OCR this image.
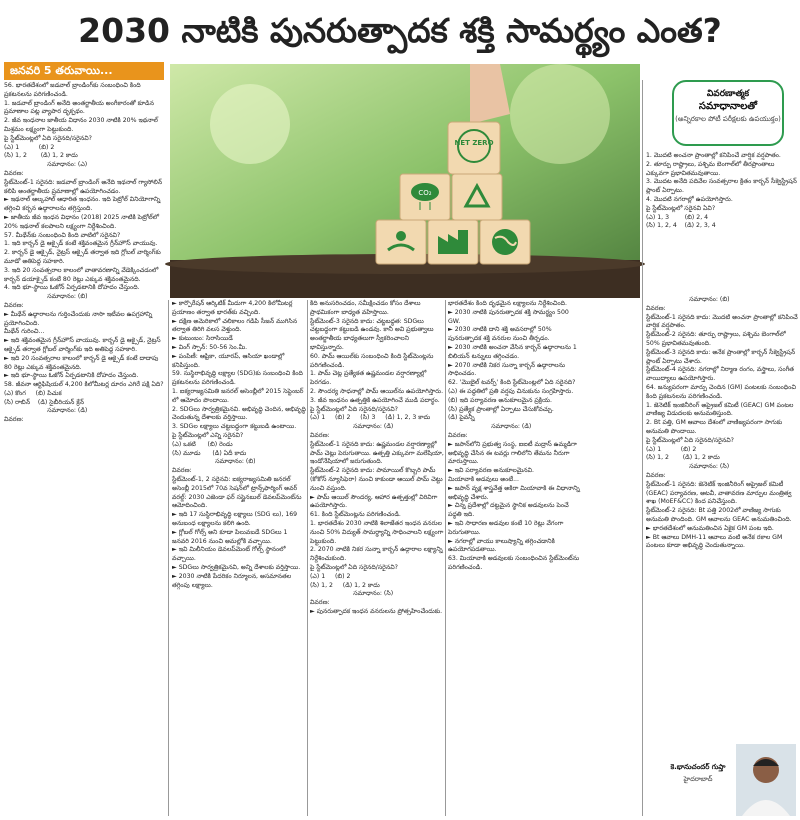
2030 నాటికి పునరుత్పాదక శక్తి సామర్థ్యం ఎంత?
జనవరి 5 తరువాయి...
NET ZERO
CO₂
వివరణాత్మక
సమాధానాలతో
(అన్నిరకాల పోటీ పరీక్షలకు ఉపయుక్తం)
56. భారతదేశంలో జడవాల్ బ్రాండింగ్‌కు సంబంధించి కింది ప్రకటనలను పరిగణించండి.
1. జడవాల్ బ్రాండింగ్ అనేది అంతర్జాతీయ అంగీకారంతో కూడిన ప్రమాణాల పట్ల వ్యాపార దృక్పథం.
2. జీవ ఇంధనాల జాతీయ విధానం 2030 నాటికి 20% ఇథనాల్ మిశ్రమం లక్ష్యంగా పెట్టుకుంది.
పై స్టేట్‌మెంట్లలో ఏది సరైనది/సరైనవి?
(ఎ) 1          (బి) 2
(సి) 1, 2       (డి) 1, 2 కాదు
సమాధానం: (ఎ)
వివరణ:
స్టేట్‌మెంట్-1 సరైనది: జడవాల్ బ్రాండింగ్ అనేది ఇథనాల్ గ్యాసోలిన్ కలిపి అంతర్జాతీయ ప్రమాణాల్లో ఉపయోగించడం.
► ఇథనాల్ ఆల్కహాల్ ఆధారిత ఇంధనం. ఇది పెట్రోల్ వినియోగాన్ని తగ్గించి కర్బన ఉద్గారాలను తగ్గిస్తుంది.
► జాతీయ జీవ ఇంధన విధానం (2018) 2025 నాటికి పెట్రోల్‌లో 20% ఇథనాల్ కలపాలని లక్ష్యంగా నిర్దేశించింది.
57. మీథేన్‌కు సంబంధించి కింది వాటిలో సరైనవి?
1. ఇది కార్బన్ డై ఆక్సైడ్ కంటే శక్తివంతమైన గ్రీన్‌హౌస్ వాయువు.
2. కార్బన్ డై ఆక్సైడ్, నైట్రస్ ఆక్సైడ్ తర్వాత ఇది గ్లోబల్ వార్మింగ్‌కు మూడో అతిపెద్ద సహకారి.
3. ఇది 20 సంవత్సరాల కాలంలో వాతావరణాన్ని వేడెక్కించడంలో కార్బన్ డయాక్సైడ్ కంటే 80 రెట్లు ఎక్కువ శక్తివంతమైనది.
4. ఇది భూ-స్థాయి ఓజోన్ ఏర్పడటానికి దోహదం చేస్తుంది.
సమాధానం: (బి)
వివరణ:
► మీథేన్ ఉద్గారాలను గుర్తించేందుకు నాసా ఇటీవల ఉపగ్రహాన్ని ప్రయోగించింది.
మీథేన్ గురించి...
► ఇది శక్తివంతమైన గ్రీన్‌హౌస్ వాయువు. కార్బన్ డై ఆక్సైడ్, నైట్రస్ ఆక్సైడ్ తర్వాత గ్లోబల్ వార్మింగ్‌కు ఇది అతిపెద్ద సహకారి.
► ఇది 20 సంవత్సరాల కాలంలో కార్బన్ డై ఆక్సైడ్ కంటే దాదాపు 80 రెట్లు ఎక్కువ శక్తివంతమైనది.
► ఇది భూ-స్థాయి ఓజోన్ ఏర్పడటానికి దోహదం చేస్తుంది.
58. జీవనా ఆర్టిఫిషియల్ 4,200 కిలోమీటర్ల దూరం ఎగిరే పక్షి ఏది?
(ఎ) కొంగ     (బి) పిచుక
(సి) రాబిన్    (డి) సైబీరియన్ క్రేన్
సమాధానం: (డి)
వివరణ:
► కార్పొరేషన్ ఆర్కిటిక్ మీదుగా 4,200 కిలోమీటర్ల ప్రయాణం తర్వాత భారత్‌కు వచ్చింది.
► దక్షిణ అమెరికాలో చలికాలం గడిపి సీజన్ ముగిసిన తర్వాత తిరిగి వలస వెళ్తుంది.
► కుటుంబం: సిరాసియిడే
► వింగ్ స్పాన్: 50-56 సెం.మీ.
► పంపిణీ: ఆఫ్రికా, యూరప్, ఆసియా ఖండాల్లో కనిపిస్తుంది.
59. సుస్థిరాభివృద్ధి లక్ష్యాల (SDG)కు సంబంధించి కింది ప్రకటనలను పరిగణించండి.
1. ఐక్యరాజ్యసమితి జనరల్ అసెంబ్లీలో 2015 సెప్టెంబర్ లో ఆమోదం పొందాయి.
2. SDGలు సార్వత్రికమైనవి. అభివృద్ధి చెందిన, అభివృద్ధి చెందుతున్న దేశాలకు వర్తిస్తాయి.
3. SDGల లక్ష్యాలు చట్టబద్ధంగా కట్టుబడి ఉంటాయి.
పై స్టేట్‌మెంట్లలో ఎన్ని సరైనవి?
(ఎ) ఒకటి      (బి) రెండు
(సి) మూడు      (డి) ఏదీ కాదు
సమాధానం: (బి)
వివరణ:
స్టేట్‌మెంట్-1, 2 సరైనవి: ఐక్యరాజ్యసమితి జనరల్ అసెంబ్లీ 2015లో 70వ సెషన్‌లో ట్రాన్స్‌ఫార్మింగ్ అవర్ వరల్డ్: 2030 ఎజెండా ఫర్ సస్టైనబుల్ డెవలప్‌మెంట్‌ను ఆమోదించింది.
► ఇది 17 సుస్థిరాభివృద్ధి లక్ష్యాలు (SDG లు), 169 అనుబంధ లక్ష్యాలను కలిగి ఉంది.
► గ్లోబల్ గోల్స్ అని కూడా పిలువబడే SDGలు 1 జనవరి 2016 నుంచి అమల్లోకి వచ్చాయి.
► ఇవి మిలీనియం డెవలప్‌మెంట్ గోల్స్ స్థానంలో వచ్చాయి.
► SDGలు సార్వత్రికమైనవి, అన్ని దేశాలకు వర్తిస్తాయి.
► 2030 నాటికి పేదరికం నిర్మూలన, అసమానతల తగ్గింపు లక్ష్యాలు.
కిది అనుసరించడం, సమీక్షించడం కోసం దేశాలు ప్రాథమికంగా బాధ్యత వహిస్తాయి.
స్టేట్‌మెంట్-3 సరైనది కాదు: చట్టబద్ధత: SDGలు చట్టబద్ధంగా కట్టుబడి ఉండవు. కానీ అవి ప్రభుత్వాలు అంతర్జాతీయ బాధ్యతలుగా స్వీకరించాలని భావిస్తున్నారు.
60. పామ్ ఆయిల్‌కు సంబంధించి కింది స్టేట్‌మెంట్లను పరిగణించండి.
1. పామ్ చెట్ల ప్రత్యేకత ఉష్ణమండల వర్షారణ్యాల్లో పెరగడం.
2. సౌందర్య సాధనాల్లో పామ్ ఆయిల్‌ను ఉపయోగిస్తారు.
3. జీవ ఇంధనం ఉత్పత్తికి ఉపయోగించే ముడి పదార్థం.
పై స్టేట్‌మెంట్లలో ఏది సరైనది/సరైనవి?
(ఎ) 1     (బి) 2     (సి) 3     (డి) 1, 2, 3 కాదు
సమాధానం: (డి)
వివరణ:
స్టేట్‌మెంట్-1 సరైనది కాదు: ఉష్ణమండల వర్షారణ్యాల్లో పామ్ చెట్లు పెరుగుతాయి. ఉత్పత్తి ఎక్కువగా మలేషియా, ఇండోనేషియాలో జరుగుతుంది.
స్టేట్‌మెంట్-2 సరైనది కాదు: పామాయిల్ కొబ్బరి పామ్ (కోకోస్ న్యూసిఫెరా) నుంచి కాకుండా ఆయిల్ పామ్ చెట్టు నుంచి వస్తుంది.
► పామ్ ఆయిల్ సౌందర్య, ఆహార ఉత్పత్తుల్లో విరివిగా ఉపయోగిస్తారు.
61. కింది స్టేట్‌మెంట్లను పరిగణించండి.
1. భారతదేశం 2030 నాటికి శిలాజేతర ఇంధన వనరుల నుంచి 50% విద్యుత్ సామర్థ్యాన్ని సాధించాలని లక్ష్యంగా పెట్టుకుంది.
2. 2070 నాటికి నికర సున్నా కార్బన్ ఉద్గారాల లక్ష్యాన్ని నిర్దేశించుకుంది.
పై స్టేట్‌మెంట్లలో ఏది సరైనది/సరైనవి?
(ఎ) 1     (బి) 2
(సి) 1, 2     (డి) 1, 2 కాదు
సమాధానం: (సి)
వివరణ:
► పునరుత్పాదక ఇంధన వనరులను ప్రోత్సహించేందుకు.
భారతదేశం కింది దృఢమైన లక్ష్యాలను నిర్దేశించింది.
► 2030 నాటికి పునరుత్పాదక శక్తి సామర్థ్యం 500 GW.
► 2030 నాటికి దాని శక్తి అవసరాల్లో 50% పునరుత్పాదక శక్తి వనరుల నుంచి తీర్చడం.
► 2030 నాటికి అంచనా వేసిన కార్బన్ ఉద్గారాలను 1 బిలియన్ టన్నులు తగ్గించడం.
► 2070 నాటికి నికర సున్నా కార్బన్ ఉద్గారాలను సాధించడం.
62. 'మొబైల్ టవర్స్' కింది స్టేట్‌మెంట్లలో ఏది సరైనది?
(ఎ) ఈ పద్ధతిలో ప్రతి వర్షపు చినుకును సంగ్రహిస్తారు.
(బి) ఇది పర్యావరణ అనుకూలమైన ప్రక్రియ.
(సి) ప్రత్యేక ప్రాంతాల్లో ఏర్పాటు చేసుకోవచ్చు.
(డి) పైవన్నీ
సమాధానం: (డి)
వివరణ:
► జపాన్‌లోని ప్రభుత్వ సంస్థ, ఐఐటీ మద్రాస్ ఉమ్మడిగా అభివృద్ధి చేసిన ఈ టవర్లు గాలిలోని తేమను నీరుగా మారుస్తాయి.
► ఇవి పర్యావరణ అనుకూలమైనవి.
మియావాకి అడవులు అంటే...
► జపాన్ వృక్ష శాస్త్రవేత్త అకిరా మియావాకి ఈ విధానాన్ని అభివృద్ధి చేశారు.
► చిన్న ప్రదేశాల్లో దట్టమైన స్థానిక అడవులను పెంచే పద్ధతి ఇది.
► ఇవి సాధారణ అడవుల కంటే 10 రెట్లు వేగంగా పెరుగుతాయి.
► నగరాల్లో వాయు కాలుష్యాన్ని తగ్గించడానికి ఉపయోగపడతాయి.
63. మియావాకి అడవులకు సంబంధించిన స్టేట్‌మెంట్‌ను పరిగణించండి.
1. మొదటి అంచనా ప్రాంతాల్లో కనిపించే వార్షిక వర్షపాతం.
2. తూర్పు రాష్ట్రాలు, పశ్చిమ బెంగాల్‌లో తీరప్రాంతాలు ఎక్కువగా ప్రభావితమవుతాయి.
3. మొదట అనేది పదివేల సంవత్సరాల క్రితం కార్బన్ సీక్వెస్ట్రేషన్ ప్లాంట్ ఏర్పాటు.
4. మొదటి నగరాల్లో ఉపయోగిస్తారు.
పై స్టేట్‌మెంట్లలో సరైనవి ఏవి?
(ఎ) 1, 3        (బి) 2, 4
(సి) 1, 2, 4    (డి) 2, 3, 4
సమాధానం: (బి)
వివరణ:
స్టేట్‌మెంట్-1 సరైనది కాదు: మొదటి అంచనా ప్రాంతాల్లో కనిపించే వార్షిక వర్షపాతం.
స్టేట్‌మెంట్-2 సరైనది: తూర్పు రాష్ట్రాలు, పశ్చిమ బెంగాల్‌లో 50% ప్రభావితమవుతుంది.
స్టేట్‌మెంట్-3 సరైనది కాదు: అనేక ప్రాంతాల్లో కార్బన్ సీక్వెస్ట్రేషన్ ప్లాంట్ ఏర్పాటు చేశారు.
స్టేట్‌మెంట్-4 సరైనది: నగరాల్లో నిర్మాణ రంగం, వస్త్రాలు, సంగీత వాయిద్యాలు ఉపయోగిస్తారు.
64. జన్యుపరంగా మార్పు చెందిన (GM) పంటలకు సంబంధించి కింది ప్రకటనలను పరిగణించండి.
1. జెనెటిక్ ఇంజినీరింగ్ అప్రైజల్ కమిటీ (GEAC) GM పంటల వాణిజ్య విడుదలకు అనుమతిస్తుంది.
2. Bt పత్తి, GM ఆవాలు దేశంలో వాణిజ్యపరంగా సాగుకు అనుమతి పొందాయి.
పై స్టేట్‌మెంట్లలో ఏది సరైనది/సరైనవి?
(ఎ) 1          (బి) 2
(సి) 1, 2       (డి) 1, 2 కాదు
సమాధానం: (సి)
వివరణ:
స్టేట్‌మెంట్-1 సరైనది: జెనెటిక్ ఇంజినీరింగ్ అప్రైజల్ కమిటీ (GEAC) పర్యావరణ, అటవీ, వాతావరణ మార్పుల మంత్రిత్వ శాఖ (MoEF&CC) కింద పనిచేస్తుంది.
స్టేట్‌మెంట్-2 సరైనది: Bt పత్తి 2002లో వాణిజ్య సాగుకు అనుమతి పొందింది. GM ఆవాలను GEAC అనుమతించింది.
► భారతదేశంలో అనుమతించిన ఏకైక GM పంట ఇది.
► Bt ఆవాలు DMH-11 ఆవాలు వంటి అనేక రకాల GM పంటలు కూడా అభివృద్ధి చెందుతున్నాయి.
కె.భానుచందర్ గుప్తా
హైదరాబాద్
